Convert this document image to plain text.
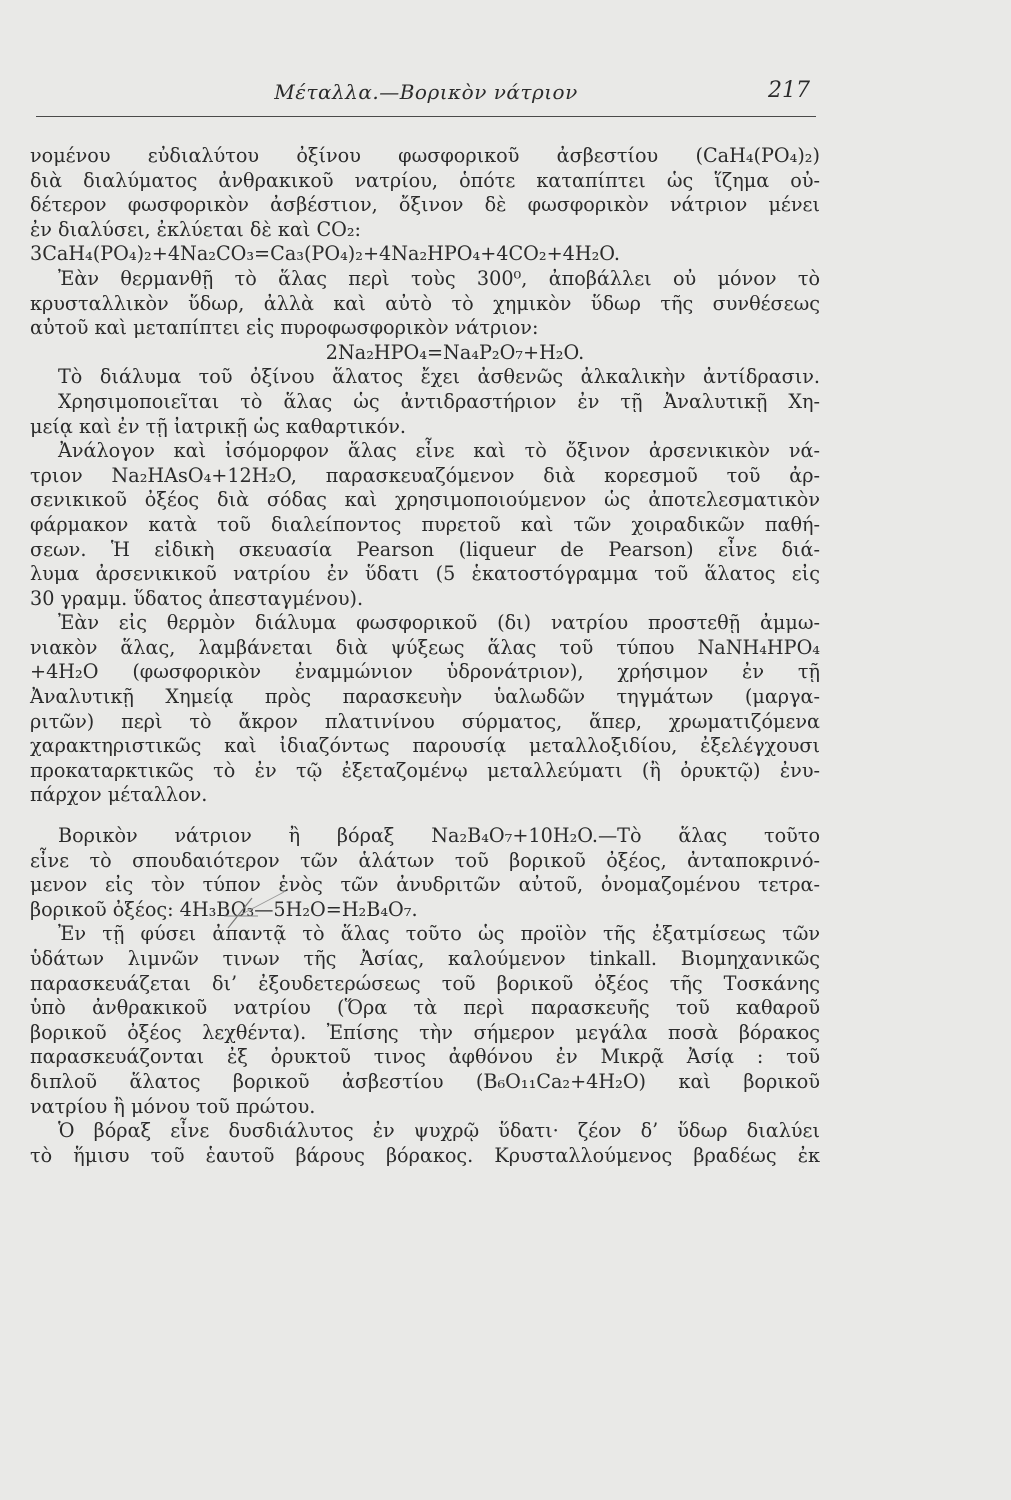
Μέταλλα.—Βορικὸν νάτριον	217
νομένου εὐδιαλύτου ὀξίνου φωσφορικοῦ ἀσβεστίου (CaH₄(PO₄)₂)
διὰ διαλύματος ἀνθρακικοῦ νατρίου, ὁπότε καταπίπτει ὡς ἵζημα οὐ-
δέτερον φωσφορικὸν ἀσβέστιον, ὄξινον δὲ φωσφορικὸν νάτριον μένει
ἐν διαλύσει, ἐκλύεται δὲ καὶ CO₂:
3CaH₄(PO₄)₂+4Na₂CO₃=Ca₃(PO₄)₂+4Na₂HPO₄+4CO₂+4H₂O.
Ἐὰν θερμανθῇ τὸ ἅλας περὶ τοὺς 300⁰, ἀποβάλλει οὐ μόνον τὸ
κρυσταλλικὸν ὕδωρ, ἀλλὰ καὶ αὐτὸ τὸ χημικὸν ὕδωρ τῆς συνθέσεως
αὐτοῦ καὶ μεταπίπτει εἰς πυροφωσφορικὸν νάτριον:
2Na₂HPO₄=Na₄P₂O₇+H₂O.
Τὸ διάλυμα τοῦ ὀξίνου ἅλατος ἔχει ἀσθενῶς ἀλκαλικὴν ἀντίδρασιν.
Χρησιμοποιεῖται τὸ ἅλας ὡς ἀντιδραστήριον ἐν τῇ Ἀναλυτικῇ Χη-
μείᾳ καὶ ἐν τῇ ἰατρικῇ ὡς καθαρτικόν.
Ἀνάλογον καὶ ἰσόμορφον ἅλας εἶνε καὶ τὸ ὄξινον ἀρσενικικὸν νά-
τριον Na₂HAsO₄+12H₂O, παρασκευαζόμενον διὰ κορεσμοῦ τοῦ ἀρ-
σενικικοῦ ὀξέος διὰ σόδας καὶ χρησιμοποιούμενον ὡς ἀποτελεσματικὸν
φάρμακον κατὰ τοῦ διαλείποντος πυρετοῦ καὶ τῶν χοιραδικῶν παθή-
σεων. Ἡ εἰδικὴ σκευασία Pearson (liqueur de Pearson) εἶνε διά-
λυμα ἀρσενικικοῦ νατρίου ἐν ὕδατι (5 ἑκατοστόγραμμα τοῦ ἅλατος εἰς
30 γραμμ. ὕδατος ἀπεσταγμένου).
Ἐὰν εἰς θερμὸν διάλυμα φωσφορικοῦ (δι) νατρίου προστεθῇ ἀμμω-
νιακὸν ἅλας, λαμβάνεται διὰ ψύξεως ἅλας τοῦ τύπου NaNH₄HPO₄
+4H₂O (φωσφορικὸν ἐναμμώνιον ὑδρονάτριον), χρήσιμον ἐν τῇ
Ἀναλυτικῇ Χημείᾳ πρὸς παρασκευὴν ὑαλωδῶν τηγμάτων (μαργα-
ριτῶν) περὶ τὸ ἄκρον πλατινίνου σύρματος, ἅπερ, χρωματιζόμενα
χαρακτηριστικῶς καὶ ἰδιαζόντως παρουσίᾳ μεταλλοξιδίου, ἐξελέγχουσι
προκαταρκτικῶς τὸ ἐν τῷ ἐξεταζομένῳ μεταλλεύματι (ἢ ὀρυκτῷ) ἐνυ-
πάρχον μέταλλον.
Βορικὸν νάτριον ἢ βόραξ Na₂B₄O₇+10H₂O.—Τὸ ἅλας τοῦτο
εἶνε τὸ σπουδαιότερον τῶν ἁλάτων τοῦ βορικοῦ ὀξέος, ἀνταποκρινό-
μενον εἰς τὸν τύπον ἑνὸς τῶν ἀνυδριτῶν αὐτοῦ, ὀνομαζομένου τετρα-
βορικοῦ ὀξέος: 4H₃BO₃—5H₂O=H₂B₄O₇.
Ἐν τῇ φύσει ἀπαντᾷ τὸ ἅλας τοῦτο ὡς προϊὸν τῆς ἐξατμίσεως τῶν
ὑδάτων λιμνῶν τινων τῆς Ἀσίας, καλούμενον tinkall. Βιομηχανικῶς
παρασκευάζεται δι’ ἐξουδετερώσεως τοῦ βορικοῦ ὀξέος τῆς Τοσκάνης
ὑπὸ ἀνθρακικοῦ νατρίου (Ὅρα τὰ περὶ παρασκευῆς τοῦ καθαροῦ
βορικοῦ ὀξέος λεχθέντα). Ἐπίσης τὴν σήμερον μεγάλα ποσὰ βόρακος
παρασκευάζονται ἐξ ὀρυκτοῦ τινος ἀφθόνου ἐν Μικρᾷ Ἀσίᾳ : τοῦ
διπλοῦ ἅλατος βορικοῦ ἀσβεστίου (B₆O₁₁Ca₂+4H₂O) καὶ βορικοῦ
νατρίου ἢ μόνου τοῦ πρώτου.
Ὁ βόραξ εἶνε δυσδιάλυτος ἐν ψυχρῷ ὕδατι· ζέον δ’ ὕδωρ διαλύει
τὸ ἥμισυ τοῦ ἑαυτοῦ βάρους βόρακος. Κρυσταλλούμενος βραδέως ἐκ
